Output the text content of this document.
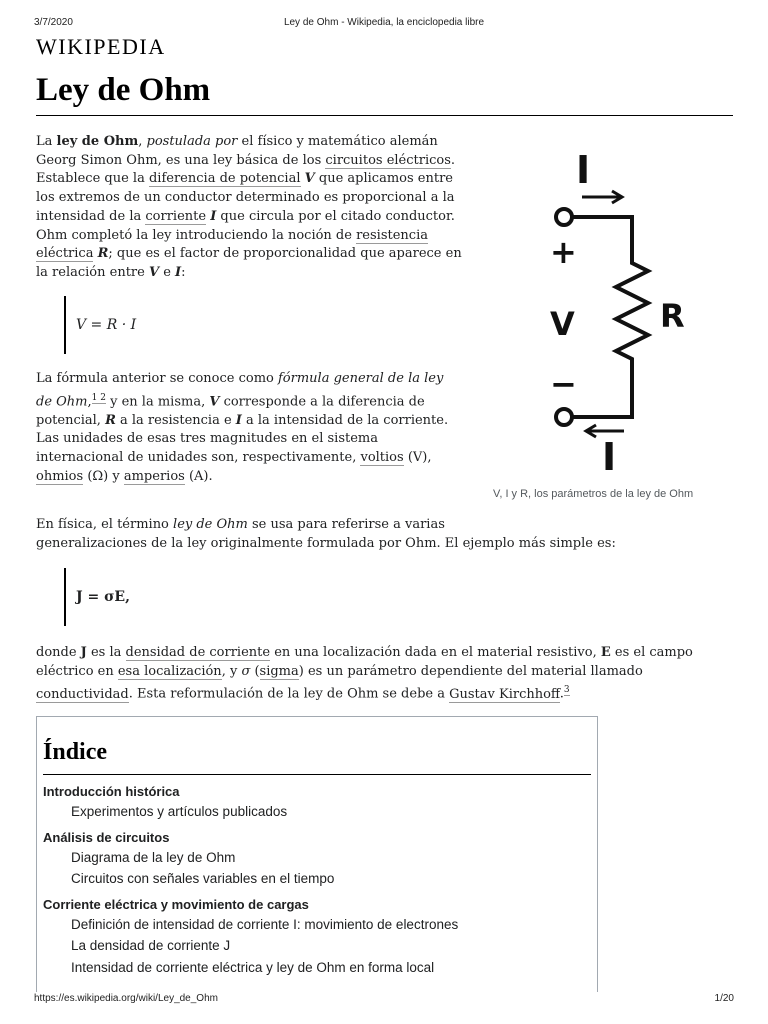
3/7/2020	Ley de Ohm - Wikipedia, la enciclopedia libre
WIKIPEDIA
Ley de Ohm
La ley de Ohm, postulada por el físico y matemático alemán
Georg Simon Ohm, es una ley básica de los circuitos eléctricos.
Establece que la diferencia de potencial V que aplicamos entre
los extremos de un conductor determinado es proporcional a la
intensidad de la corriente I que circula por el citado conductor.
Ohm completó la ley introduciendo la noción de resistencia
eléctrica R; que es el factor de proporcionalidad que aparece en
la relación entre V e I:
V = R · I
La fórmula anterior se conoce como fórmula general de la ley
de Ohm,$^{1 2}$ y en la misma, V corresponde a la diferencia de
potencial, R a la resistencia e I a la intensidad de la corriente.
Las unidades de esas tres magnitudes en el sistema
internacional de unidades son, respectivamente, voltios (V),
ohmios (Ω) y amperios (A).
I
+
V	R
−
I
V, I y R, los parámetros de la ley de Ohm
En física, el término ley de Ohm se usa para referirse a varias
generalizaciones de la ley originalmente formulada por Ohm. El ejemplo más simple es:
J = σE,
donde J es la densidad de corriente en una localización dada en el material resistivo, E es el campo
eléctrico en esa localización, y σ (sigma) es un parámetro dependiente del material llamado
conductividad. Esta reformulación de la ley de Ohm se debe a Gustav Kirchhoff.$^3$
Índice
Introducción histórica
Experimentos y artículos publicados
Análisis de circuitos
Diagrama de la ley de Ohm
Circuitos con señales variables en el tiempo
Corriente eléctrica y movimiento de cargas
Definición de intensidad de corriente I: movimiento de electrones
La densidad de corriente J
Intensidad de corriente eléctrica y ley de Ohm en forma local
https://es.wikipedia.org/wiki/Ley_de_Ohm	1/20
